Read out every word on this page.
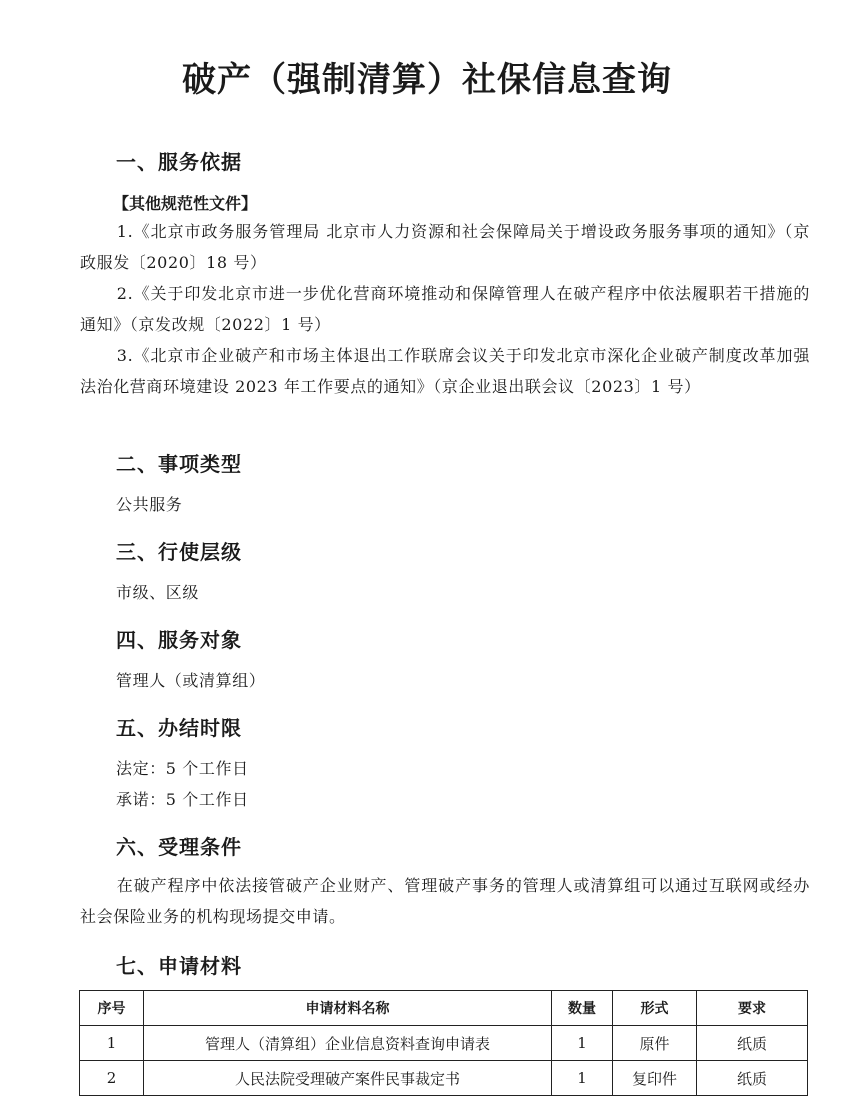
破产（强制清算）社保信息查询
一、服务依据
【其他规范性文件】
1.《北京市政务服务管理局 北京市人力资源和社会保障局关于增设政务服务事项的通知》（京政服发〔2020〕18 号）
2.《关于印发北京市进一步优化营商环境推动和保障管理人在破产程序中依法履职若干措施的通知》（京发改规〔2022〕1 号）
3.《北京市企业破产和市场主体退出工作联席会议关于印发北京市深化企业破产制度改革加强法治化营商环境建设 2023 年工作要点的通知》（京企业退出联会议〔2023〕1 号）
二、事项类型
公共服务
三、行使层级
市级、区级
四、服务对象
管理人（或清算组）
五、办结时限
法定：5 个工作日
承诺：5 个工作日
六、受理条件
在破产程序中依法接管破产企业财产、管理破产事务的管理人或清算组可以通过互联网或经办社会保险业务的机构现场提交申请。
七、申请材料
序号	申请材料名称	数量	形式	要求
1	管理人（清算组）企业信息资料查询申请表	1	原件	纸质
2	人民法院受理破产案件民事裁定书	1	复印件	纸质
